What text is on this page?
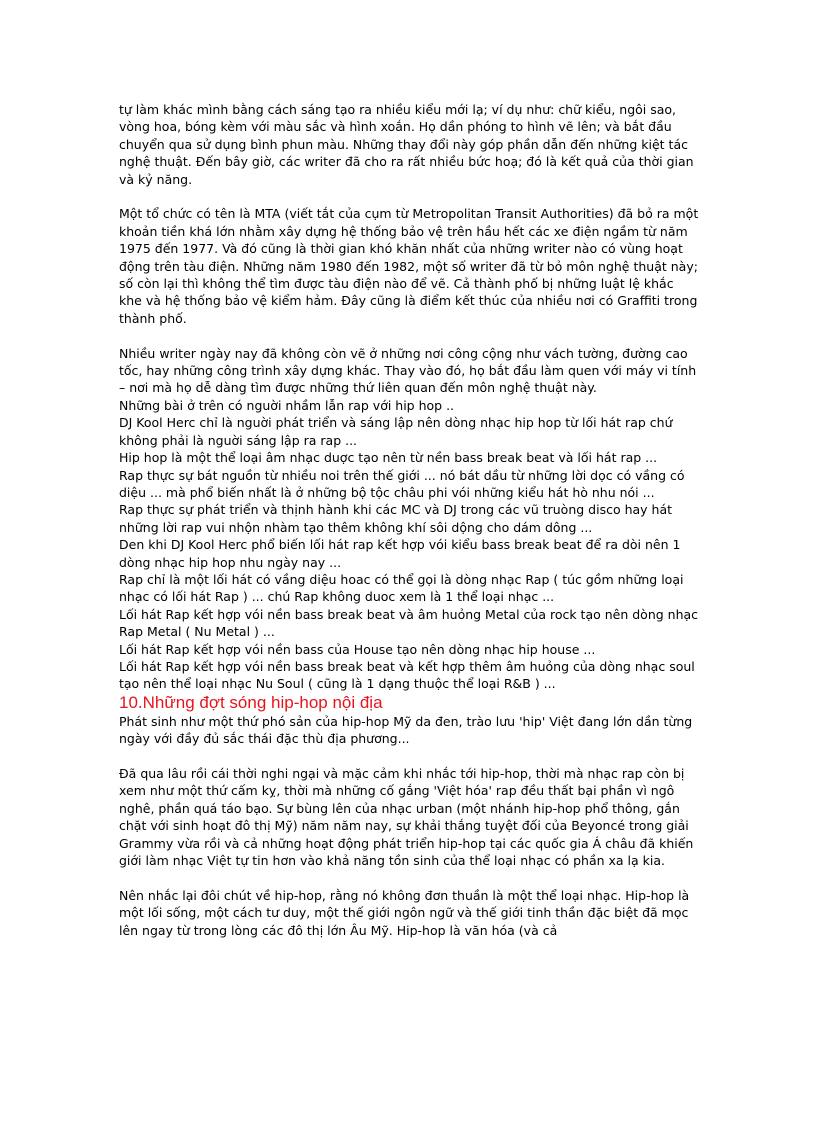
tự làm khác mình bằng cách sáng tạo ra nhiều kiểu mới lạ; ví dụ như: chữ kiểu, ngôi sao, vòng hoa, bóng kèm với màu sắc và hình xoắn. Họ dần phóng to hình vẽ lên; và bắt đầu chuyển qua sử dụng bình phun màu. Những thay đổi này góp phần dẫn đến những kiệt tác nghệ thuật. Đến bây giờ, các writer đã cho ra rất nhiều bức hoạ; đó là kết quả của thời gian và kỷ năng.

Một tổ chức có tên là MTA (viết tắt của cụm từ Metropolitan Transit Authorities) đã bỏ ra một khoản tiền khá lớn nhằm xây dựng hệ thống bảo vệ trên hầu hết các xe điện ngầm từ năm 1975 đến 1977. Và đó cũng là thời gian khó khăn nhất của những writer nào có vùng hoạt động trên tàu điện. Những năm 1980 đến 1982, một số writer đã từ bỏ môn nghệ thuật này; số còn lại thì không thể tìm được tàu điện nào để vẽ. Cả thành phố bị những luật lệ khắc khe và hệ thống bảo vệ kiểm hảm. Đây cũng là điểm kết thúc của nhiều nơi có Graffiti trong thành phố.

Nhiều writer ngày nay đã không còn vẽ ở những nơi công cộng như vách tường, đường cao tốc, hay những công trình xây dựng khác. Thay vào đó, họ bắt đầu làm quen với máy vi tính – nơi mà họ dễ dàng tìm được những thứ liên quan đến môn nghệ thuật này.

Những bài ở trên có nguời nhầm lẫn rap với hip hop ..

DJ Kool Herc chỉ là nguời phát triển và sáng lập nên dòng nhạc hip hop từ lối hát rap chứ không phải là nguời sáng lập ra rap ...

Hip hop là một thể loại âm nhạc duợc tạo nên từ nền bass break beat và lối hát rap ...

Rap thực sự bát nguồn từ nhiều noi trên thế giới ... nó bát dầu từ những lời dọc có vầng có diệu ... mà phổ biến nhất là ở những bộ tộc châu phi vói những kiểu hát hò nhu nói ...

Rap thực sự phát triển và thịnh hành khi các MC và DJ trong các vũ truòng disco hay hát những lời rap vui nhộn nhàm tạo thêm không khí sôi dộng cho dám dông ...

Den khi DJ Kool Herc phổ biến lối hát rap kết hợp vói kiểu bass break beat để ra dòi nên 1 dòng nhạc hip hop nhu ngày nay ...

Rap chỉ là một lối hát có vầng diệu hoac có thể gọi là dòng nhạc Rap ( túc gồm những loại nhạc có lối hát Rap ) ... chú Rap không duoc xem là 1 thể loại nhạc ...

Lối hát Rap kết hợp vói nền bass break beat và âm huỏng Metal của rock tạo nên dòng nhạc Rap Metal ( Nu Metal ) ...

Lối hát Rap kết hợp vói nền bass của House tạo nên dòng nhạc hip house ...

Lối hát Rap kết hợp vói nền bass break beat và kết hợp thêm âm huỏng của dòng nhạc soul tạo nên thể loại nhạc Nu Soul ( cũng là 1 dạng thuộc thể loại R&B ) ...

10.Những đợt sóng hip-hop nội địa

Phát sinh như một thứ phó sản của hip-hop Mỹ da đen, trào lưu 'hip' Việt đang lớn dần từng ngày với đầy đủ sắc thái đặc thù địa phương...

Đã qua lâu rồi cái thời nghi ngại và mặc cảm khi nhắc tới hip-hop, thời mà nhạc rap còn bị xem như một thứ cấm kỵ, thời mà những cố gắng 'Việt hóa' rap đều thất bại phần vì ngô nghê, phần quá táo bạo. Sự bùng lên của nhạc urban (một nhánh hip-hop phổ thông, gắn chặt với sinh hoạt đô thị Mỹ) năm năm nay, sự khải thắng tuyệt đối của Beyoncé trong giải Grammy vừa rồi và cả những hoạt động phát triển hip-hop tại các quốc gia Á châu đã khiến giới làm nhạc Việt tự tin hơn vào khả năng tồn sinh của thể loại nhạc có phần xa lạ kia.

Nên nhắc lại đôi chút về hip-hop, rằng nó không đơn thuần là một thể loại nhạc. Hip-hop là một lối sống, một cách tư duy, một thế giới ngôn ngữ và thế giới tinh thần đặc biệt đã mọc lên ngay từ trong lòng các đô thị lớn Âu Mỹ. Hip-hop là văn hóa (và cả
